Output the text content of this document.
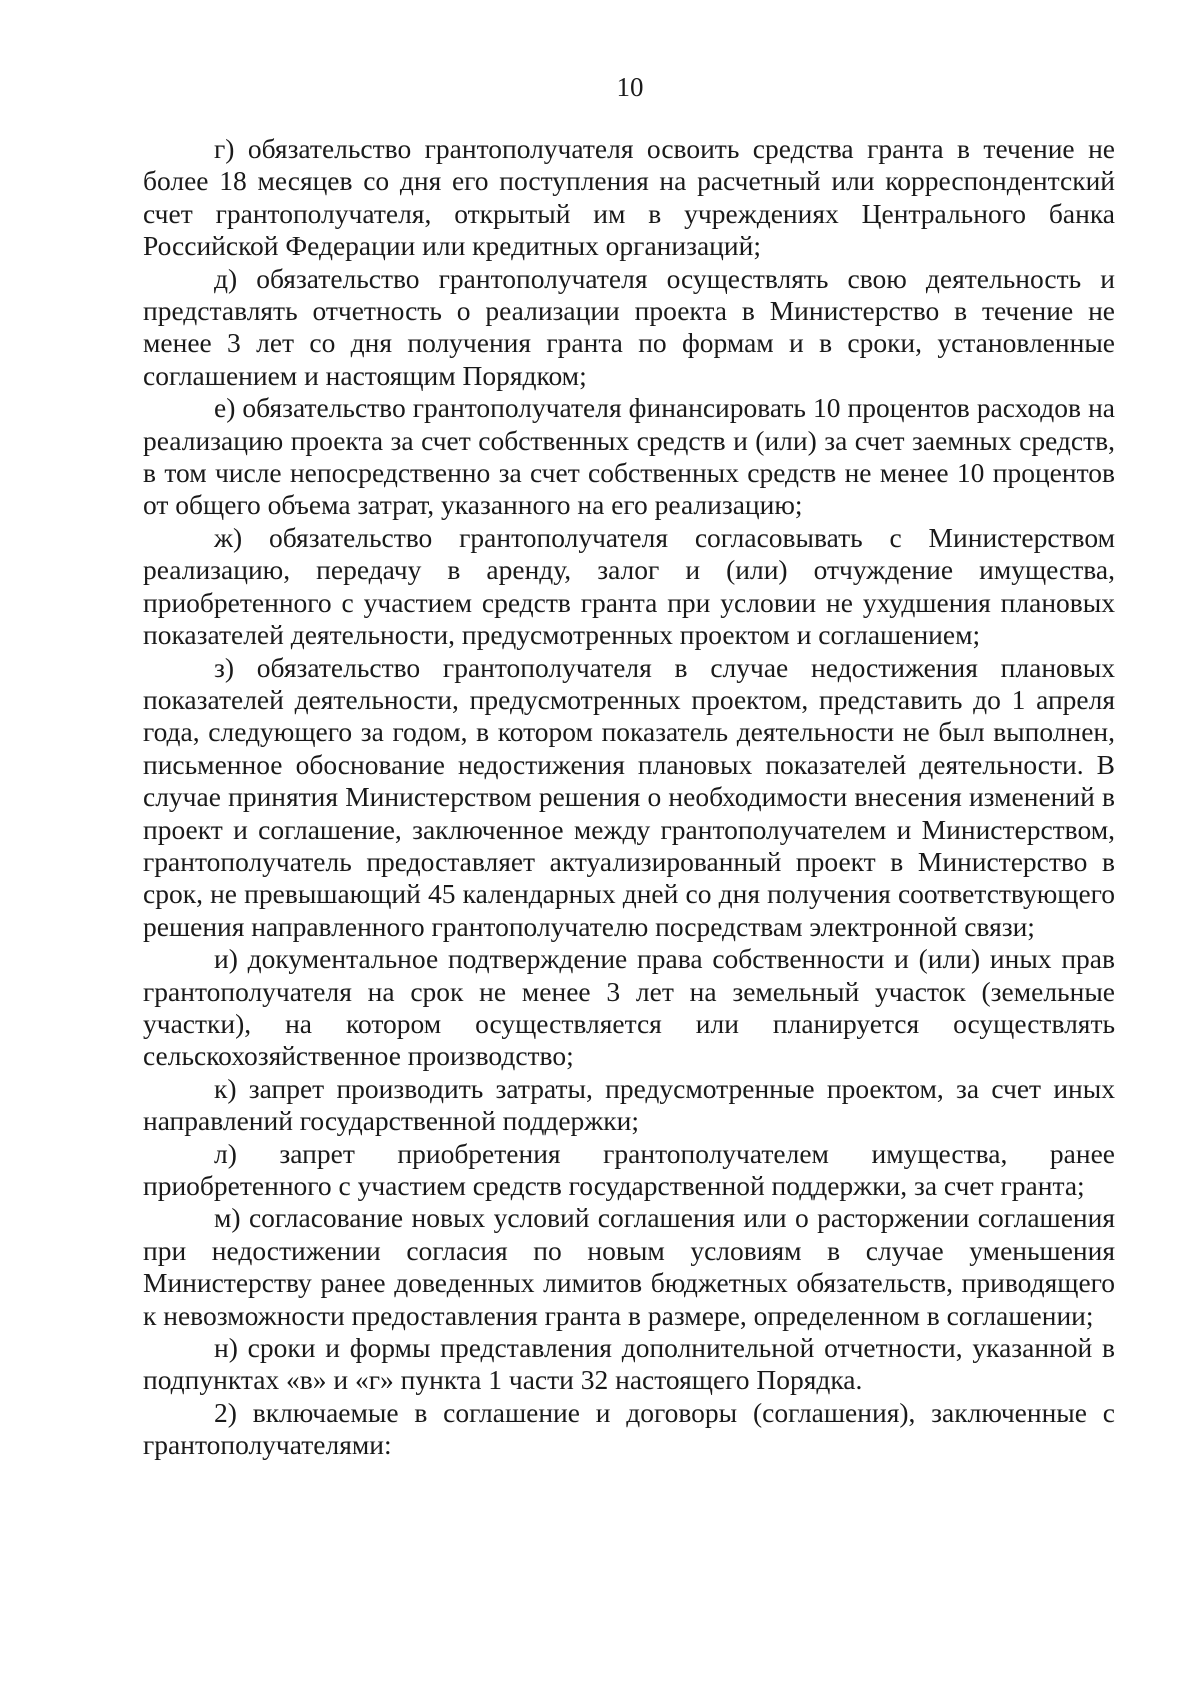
10

г) обязательство грантополучателя освоить средства гранта в течение не более 18 месяцев со дня его поступления на расчетный или корреспондентский счет грантополучателя, открытый им в учреждениях Центрального банка Российской Федерации или кредитных организаций;

д) обязательство грантополучателя осуществлять свою деятельность и представлять отчетность о реализации проекта в Министерство в течение не менее 3 лет со дня получения гранта по формам и в сроки, установленные соглашением и настоящим Порядком;

е) обязательство грантополучателя финансировать 10 процентов расходов на реализацию проекта за счет собственных средств и (или) за счет заемных средств, в том числе непосредственно за счет собственных средств не менее 10 процентов от общего объема затрат, указанного на его реализацию;

ж) обязательство грантополучателя согласовывать с Министерством реализацию, передачу в аренду, залог и (или) отчуждение имущества, приобретенного с участием средств гранта при условии не ухудшения плановых показателей деятельности, предусмотренных проектом и соглашением;

з) обязательство грантополучателя в случае недостижения плановых показателей деятельности, предусмотренных проектом, представить до 1 апреля года, следующего за годом, в котором показатель деятельности не был выполнен, письменное обоснование недостижения плановых показателей деятельности. В случае принятия Министерством решения о необходимости внесения изменений в проект и соглашение, заключенное между грантополучателем и Министерством, грантополучатель предоставляет актуализированный проект в Министерство в срок, не превышающий 45 календарных дней со дня получения соответствующего решения направленного грантополучателю посредствам электронной связи;

и) документальное подтверждение права собственности и (или) иных прав грантополучателя на срок не менее 3 лет на земельный участок (земельные участки), на котором осуществляется или планируется осуществлять сельскохозяйственное производство;

к) запрет производить затраты, предусмотренные проектом, за счет иных направлений государственной поддержки;

л) запрет приобретения грантополучателем имущества, ранее приобретенного с участием средств государственной поддержки, за счет гранта;

м) согласование новых условий соглашения или о расторжении соглашения при недостижении согласия по новым условиям в случае уменьшения Министерству ранее доведенных лимитов бюджетных обязательств, приводящего к невозможности предоставления гранта в размере, определенном в соглашении;

н) сроки и формы представления дополнительной отчетности, указанной в подпунктах «в» и «г» пункта 1 части 32 настоящего Порядка.

2) включаемые в соглашение и договоры (соглашения), заключенные с грантополучателями:
